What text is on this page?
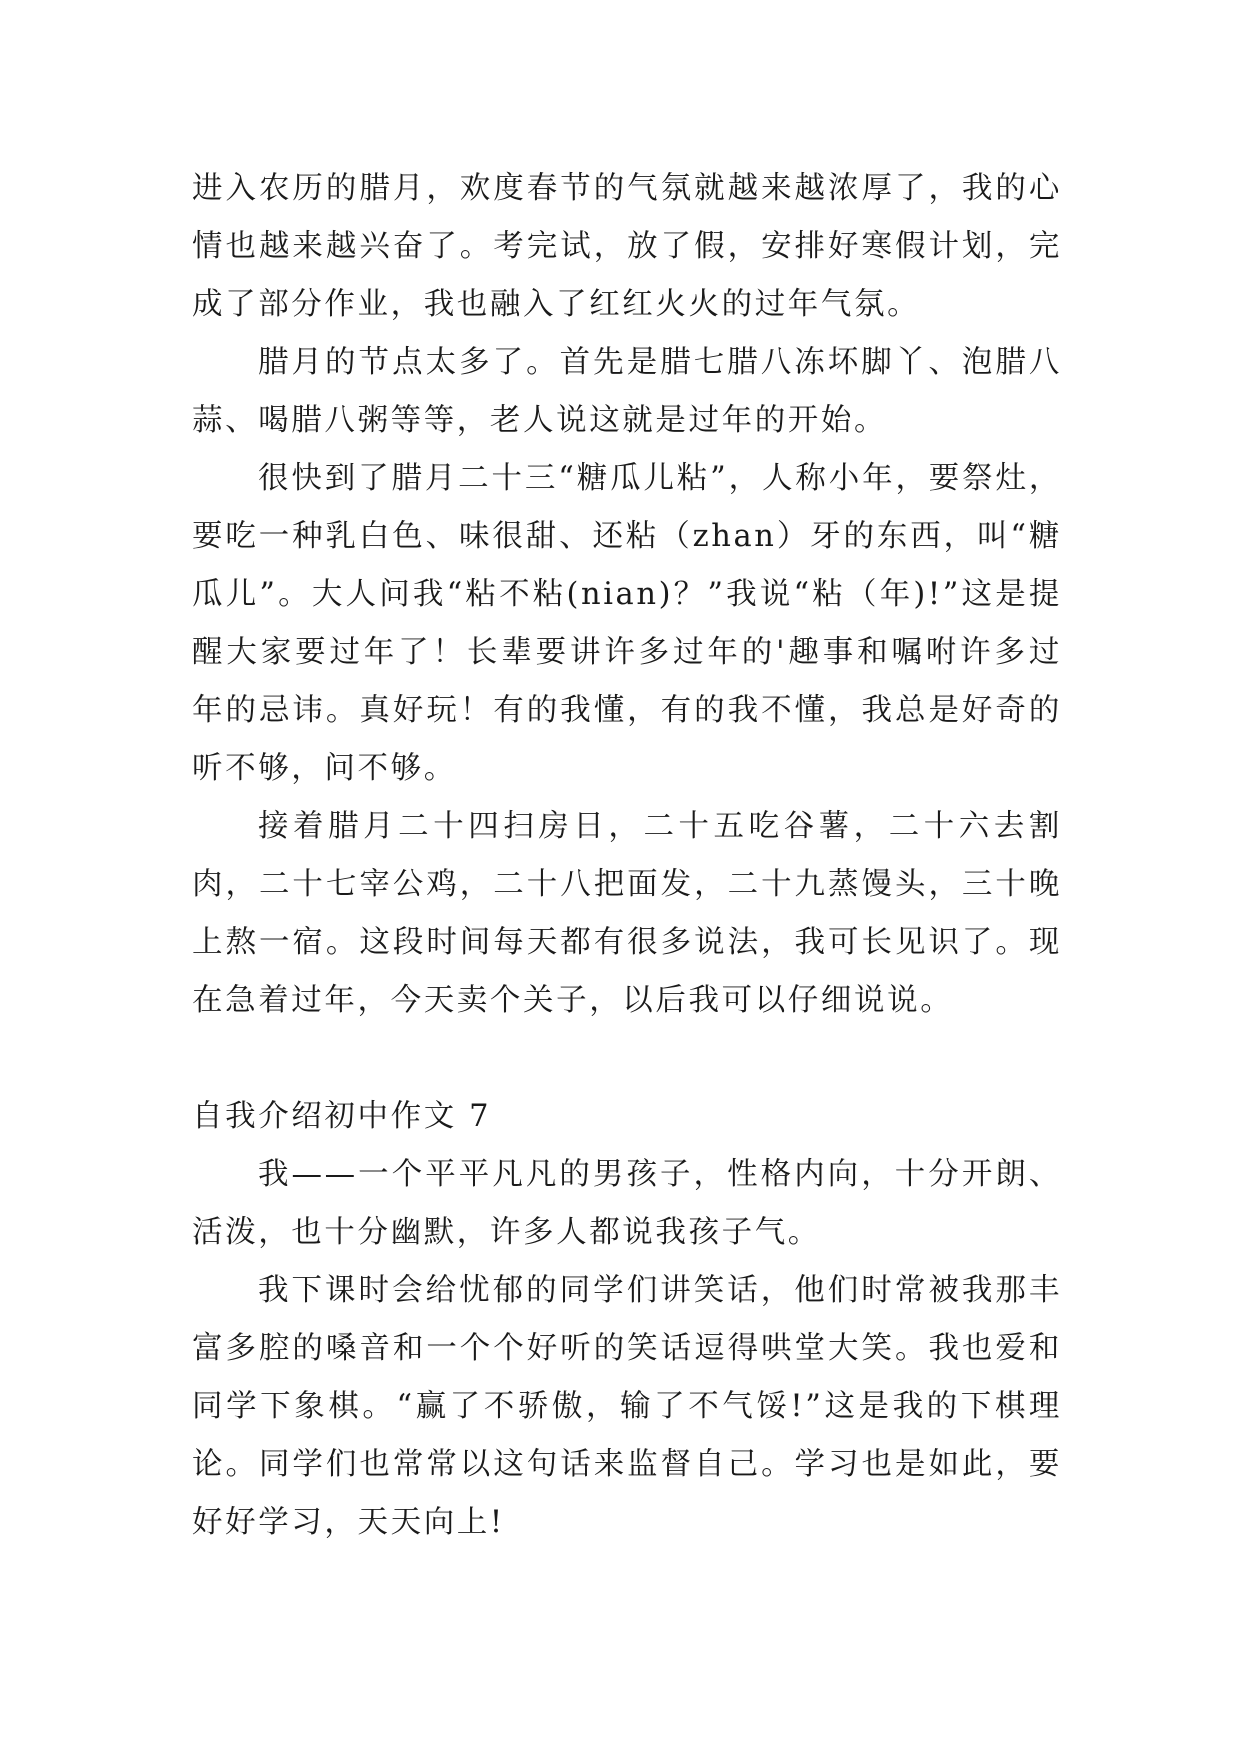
进入农历的腊月，欢度春节的气氛就越来越浓厚了，我的心情也越来越兴奋了。考完试，放了假，安排好寒假计划，完成了部分作业，我也融入了红红火火的过年气氛。

腊月的节点太多了。首先是腊七腊八冻坏脚丫、泡腊八蒜、喝腊八粥等等，老人说这就是过年的开始。

很快到了腊月二十三“糖瓜儿粘”，人称小年，要祭灶，要吃一种乳白色、味很甜、还粘（zhan）牙的东西，叫“糖瓜儿”。大人问我“粘不粘(nian)？”我说“粘（年)!”这是提醒大家要过年了！长辈要讲许多过年的'趣事和嘱咐许多过年的忌讳。真好玩！有的我懂，有的我不懂，我总是好奇的听不够，问不够。

接着腊月二十四扫房日，二十五吃谷薯，二十六去割肉，二十七宰公鸡，二十八把面发，二十九蒸馒头，三十晚上熬一宿。这段时间每天都有很多说法，我可长见识了。现在急着过年，今天卖个关子，以后我可以仔细说说。

自我介绍初中作文 7

我——一个平平凡凡的男孩子，性格内向，十分开朗、活泼，也十分幽默，许多人都说我孩子气。

我下课时会给忧郁的同学们讲笑话，他们时常被我那丰富多腔的嗓音和一个个好听的笑话逗得哄堂大笑。我也爱和同学下象棋。“赢了不骄傲，输了不气馁!”这是我的下棋理论。同学们也常常以这句话来监督自己。学习也是如此，要好好学习，天天向上!
